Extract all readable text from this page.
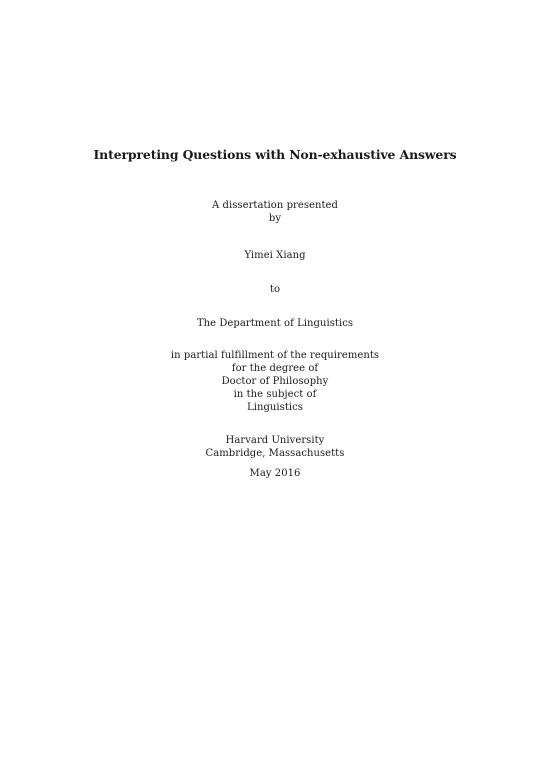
Interpreting Questions with Non-exhaustive Answers
A dissertation presented
by
Yimei Xiang
to
The Department of Linguistics
in partial fulfillment of the requirements
for the degree of
Doctor of Philosophy
in the subject of
Linguistics
Harvard University
Cambridge, Massachusetts
May 2016
